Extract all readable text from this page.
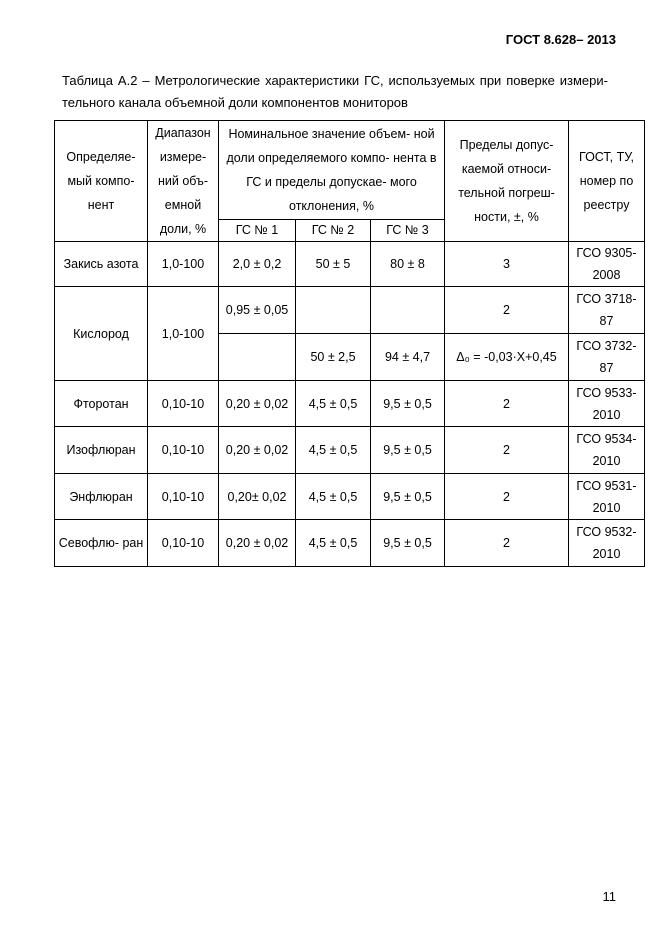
ГОСТ 8.628– 2013
Таблица А.2 – Метрологические характеристики ГС, используемых при поверке измери-
тельного канала объемной доли компонентов мониторов
Определяе- мый компо- нент	Диапазон измере- ний объ- емной доли, %	Номинальное значение объем- ной доли определяемого компо- нента в ГС и пределы допускае- мого отклонения, %			Пределы допус- каемой относи- тельной погреш- ности, ±, %	ГОСТ, ТУ, номер по реестру
		ГС № 1	ГС № 2	ГС № 3		
Закись азота	1,0-100	2,0 ± 0,2	50 ± 5	80 ± 8	3	ГСО 9305- 2008
Кислород	1,0-100	0,95 ± 0,05			2	ГСО 3718- 87
			50 ± 2,5	94 ± 4,7	Δ₀ = -0,03·X+0,45	ГСО 3732- 87
Фторотан	0,10-10	0,20 ± 0,02	4,5 ± 0,5	9,5 ± 0,5	2	ГСО 9533- 2010
Изофлюран	0,10-10	0,20 ± 0,02	4,5 ± 0,5	9,5 ± 0,5	2	ГСО 9534- 2010
Энфлюран	0,10-10	0,20± 0,02	4,5 ± 0,5	9,5 ± 0,5	2	ГСО 9531- 2010
Севофлю- ран	0,10-10	0,20 ± 0,02	4,5 ± 0,5	9,5 ± 0,5	2	ГСО 9532- 2010
11
